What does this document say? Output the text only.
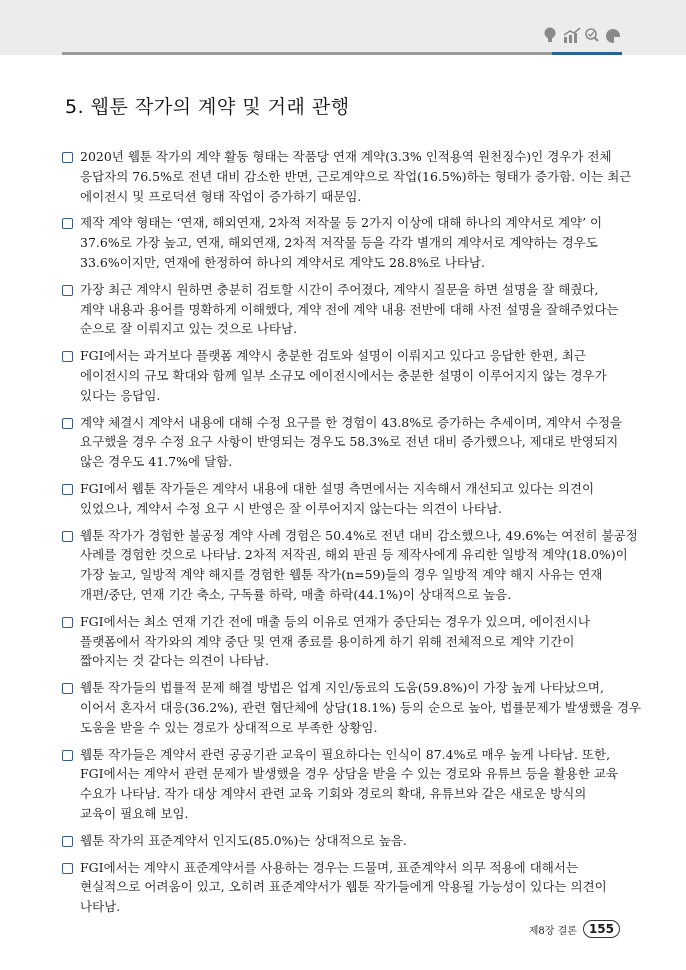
5. 웹툰 작가의 계약 및 거래 관행
2020년 웹툰 작가의 계약 활동 형태는 작품당 연재 계약(3.3% 인적용역 원천징수)인 경우가 전체
응답자의 76.5%로 전년 대비 감소한 반면, 근로계약으로 작업(16.5%)하는 형태가 증가함. 이는 최근
에이전시 및 프로덕션 형태 작업이 증가하기 때문임.
제작 계약 형태는 ‘연재, 해외연재, 2차적 저작물 등 2가지 이상에 대해 하나의 계약서로 계약’ 이
37.6%로 가장 높고, 연재, 해외연재, 2차적 저작물 등을 각각 별개의 계약서로 계약하는 경우도
33.6%이지만, 연재에 한정하여 하나의 계약서로 계약도 28.8%로 나타남.
가장 최근 계약시 원하면 충분히 검토할 시간이 주어졌다, 계약시 질문을 하면 설명을 잘 해줬다,
계약 내용과 용어를 명확하게 이해했다, 계약 전에 계약 내용 전반에 대해 사전 설명을 잘해주었다는
순으로 잘 이뤄지고 있는 것으로 나타남.
FGI에서는 과거보다 플랫폼 계약시 충분한 검토와 설명이 이뤄지고 있다고 응답한 한편, 최근
에이전시의 규모 확대와 함께 일부 소규모 에이전시에서는 충분한 설명이 이루어지지 않는 경우가
있다는 응답임.
계약 체결시 계약서 내용에 대해 수정 요구를 한 경험이 43.8%로 증가하는 추세이며, 계약서 수정을
요구했을 경우 수정 요구 사항이 반영되는 경우도 58.3%로 전년 대비 증가했으나, 제대로 반영되지
않은 경우도 41.7%에 달함.
FGI에서 웹툰 작가들은 계약서 내용에 대한 설명 측면에서는 지속해서 개선되고 있다는 의견이
있었으나, 계약서 수정 요구 시 반영은 잘 이루어지지 않는다는 의견이 나타남.
웹툰 작가가 경험한 불공정 계약 사례 경험은 50.4%로 전년 대비 감소했으나, 49.6%는 여전히 불공정
사례를 경험한 것으로 나타남. 2차적 저작권, 해외 판권 등 제작사에게 유리한 일방적 계약(18.0%)이
가장 높고, 일방적 계약 해지를 경험한 웹툰 작가(n=59)들의 경우 일방적 계약 해지 사유는 연재
개편/중단, 연재 기간 축소, 구독률 하락, 매출 하락(44.1%)이 상대적으로 높음.
FGI에서는 최소 연재 기간 전에 매출 등의 이유로 연재가 중단되는 경우가 있으며, 에이전시나
플랫폼에서 작가와의 계약 중단 및 연재 종료를 용이하게 하기 위해 전체적으로 계약 기간이
짧아지는 것 같다는 의견이 나타남.
웹툰 작가들의 법률적 문제 해결 방법은 업계 지인/동료의 도움(59.8%)이 가장 높게 나타났으며,
이어서 혼자서 대응(36.2%), 관련 협단체에 상담(18.1%) 등의 순으로 높아, 법률문제가 발생했을 경우
도움을 받을 수 있는 경로가 상대적으로 부족한 상황임.
웹툰 작가들은 계약서 관련 공공기관 교육이 필요하다는 인식이 87.4%로 매우 높게 나타남. 또한,
FGI에서는 계약서 관련 문제가 발생했을 경우 상담을 받을 수 있는 경로와 유튜브 등을 활용한 교육
수요가 나타남. 작가 대상 계약서 관련 교육 기회와 경로의 확대, 유튜브와 같은 새로운 방식의
교육이 필요해 보임.
웹툰 작가의 표준계약서 인지도(85.0%)는 상대적으로 높음.
FGI에서는 계약시 표준계약서를 사용하는 경우는 드물며, 표준계약서 의무 적용에 대해서는
현실적으로 어려움이 있고, 오히려 표준계약서가 웹툰 작가들에게 악용될 가능성이 있다는 의견이
나타남.
제8장 결론	155
